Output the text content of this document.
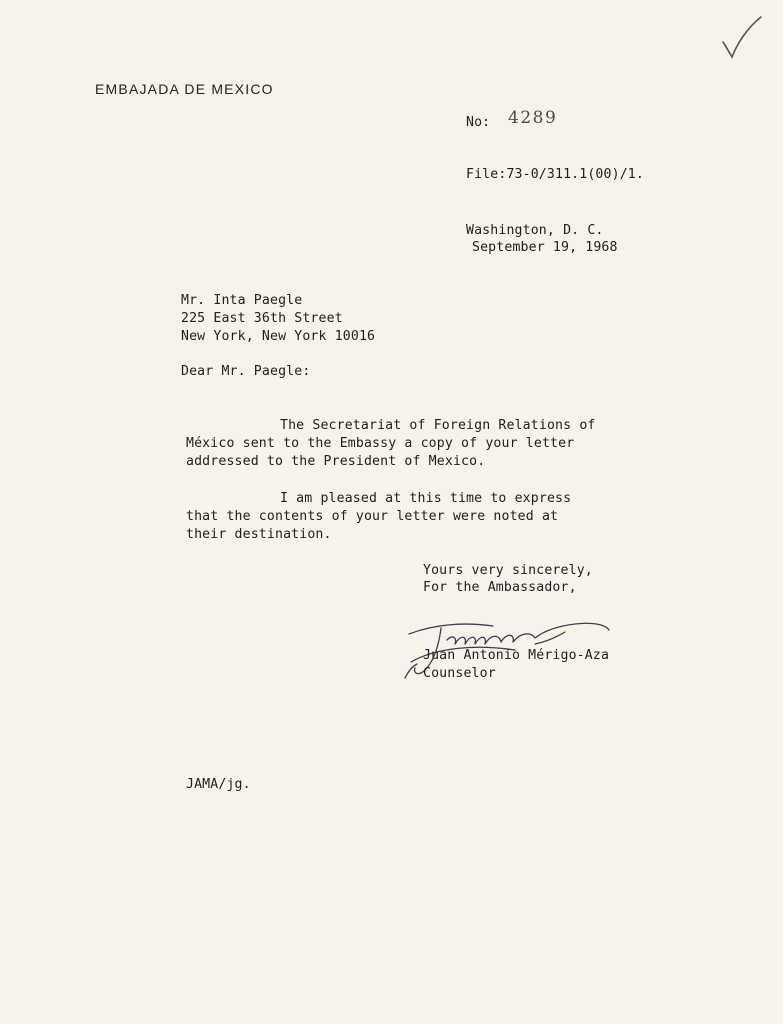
EMBAJADA DE MEXICO
No: 4289
File:73-0/311.1(00)/1.
Washington, D. C.
September 19, 1968
Mr. Inta Paegle
225 East 36th Street
New York, New York 10016
Dear Mr. Paegle:
The Secretariat of Foreign Relations of
México sent to the Embassy a copy of your letter
addressed to the President of Mexico.
I am pleased at this time to express
that the contents of your letter were noted at
their destination.
Yours very sincerely,
For the Ambassador,
Juan Antonio Mérigo-Aza
Counselor
JAMA/jg.
